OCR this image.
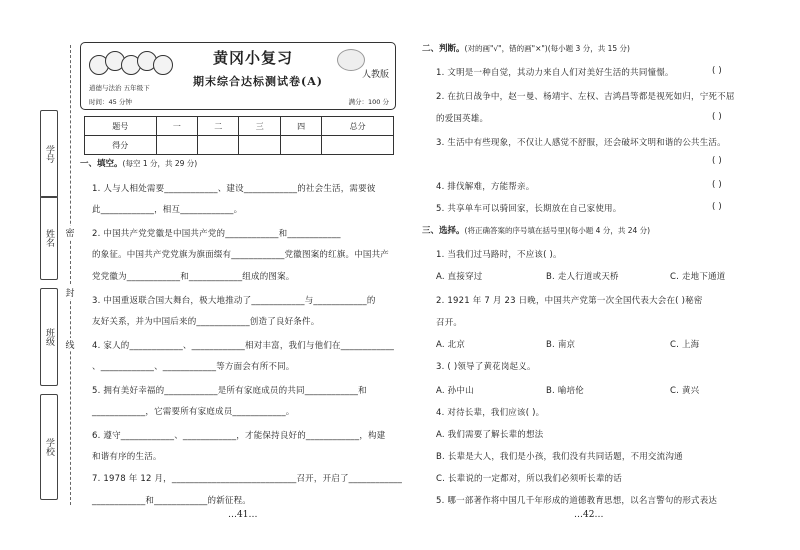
学号
姓名
班级
学校
密
封
线
黄冈小复习
道德与法治 五年级下	期末综合达标测试卷(A)	人教版
时间：45 分钟	满分：100 分
题号	一	二	三	四	总分
得分					
一、填空。(每空 1 分，共 29 分)
1. 人与人相处需要____________、建设____________的社会生活，需要彼
此____________，相互____________。
2. 中国共产党党徽是中国共产党的____________和____________
的象征。中国共产党党旗为旗面缀有____________党徽图案的红旗。中国共产
党党徽为____________和____________组成的图案。
3. 中国重返联合国大舞台，极大地推动了____________与____________的
友好关系，并为中国后来的____________创造了良好条件。
4. 家人的____________、____________相对丰富，我们与他们在____________
、____________、____________等方面会有所不同。
5. 拥有美好幸福的____________是所有家庭成员的共同____________和
____________，它需要所有家庭成员____________。
6. 遵守____________、____________，才能保持良好的____________，构建
和谐有序的生活。
7. 1978 年 12 月，____________________________召开，开启了____________
____________和____________的新征程。
…41…
二、判断。(对的画"√"，错的画"×")(每小题 3 分，共 15 分)
1. 文明是一种自觉，其动力来自人们对美好生活的共同憧憬。	( )
2. 在抗日战争中，赵一曼、杨靖宇、左权、吉鸿昌等都是视死如归，宁死不屈
的爱国英雄。	( )
3. 生活中有些现象，不仅让人感觉不舒服，还会破坏文明和谐的公共生活。
( )
4. 排伐解难，方能帮亲。	( )
5. 共享单车可以骑回家，长期放在自己家使用。	( )
三、选择。(将正确答案的序号填在括号里)(每小题 4 分，共 24 分)
1. 当我们过马路时，不应该( )。
A. 直接穿过	B. 走人行道或天桥	C. 走地下通道
2. 1921 年 7 月 23 日晚，中国共产党第一次全国代表大会在( )秘密
召开。
A. 北京	B. 南京	C. 上海
3. ( )领导了黄花岗起义。
A. 孙中山	B. 喻培伦	C. 黄兴
4. 对待长辈，我们应该( )。
A. 我们需要了解长辈的想法
B. 长辈是大人，我们是小孩，我们没有共同话题，不用交流沟通
C. 长辈说的一定都对，所以我们必须听长辈的话
5. 哪一部著作将中国几千年形成的道德教育思想，以名言警句的形式表达
…42…
